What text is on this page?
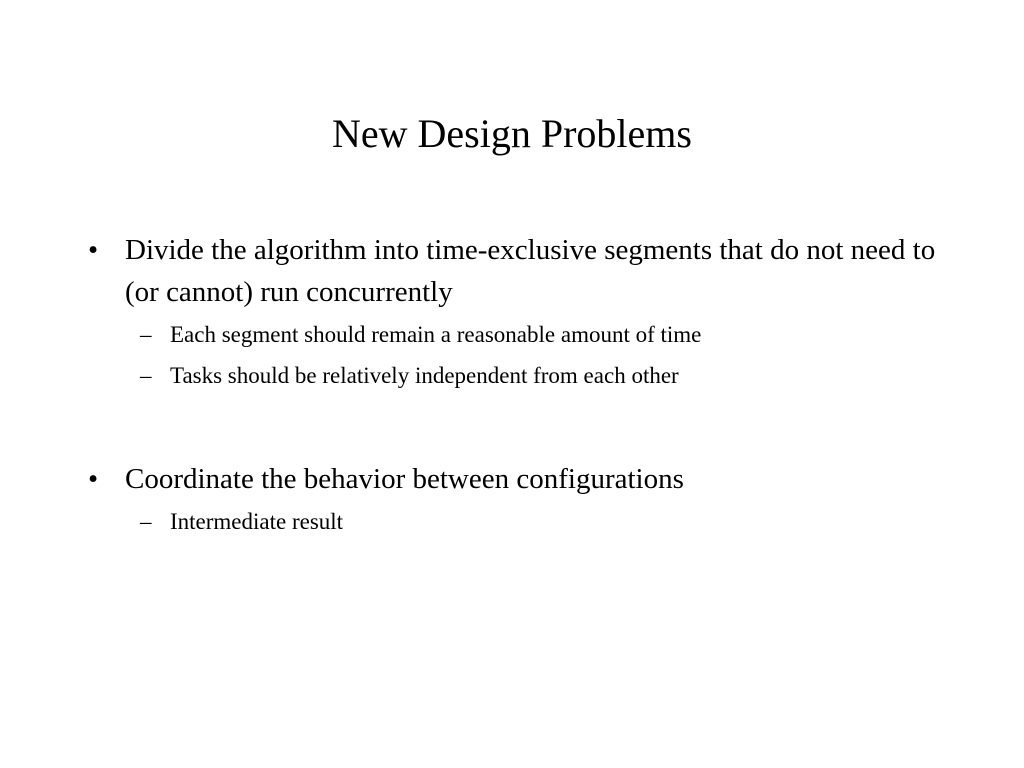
New Design Problems
• Divide the algorithm into time-exclusive segments that do not need to (or cannot) run concurrently
– Each segment should remain a reasonable amount of time
– Tasks should be relatively independent from each other
• Coordinate the behavior between configurations
– Intermediate result
